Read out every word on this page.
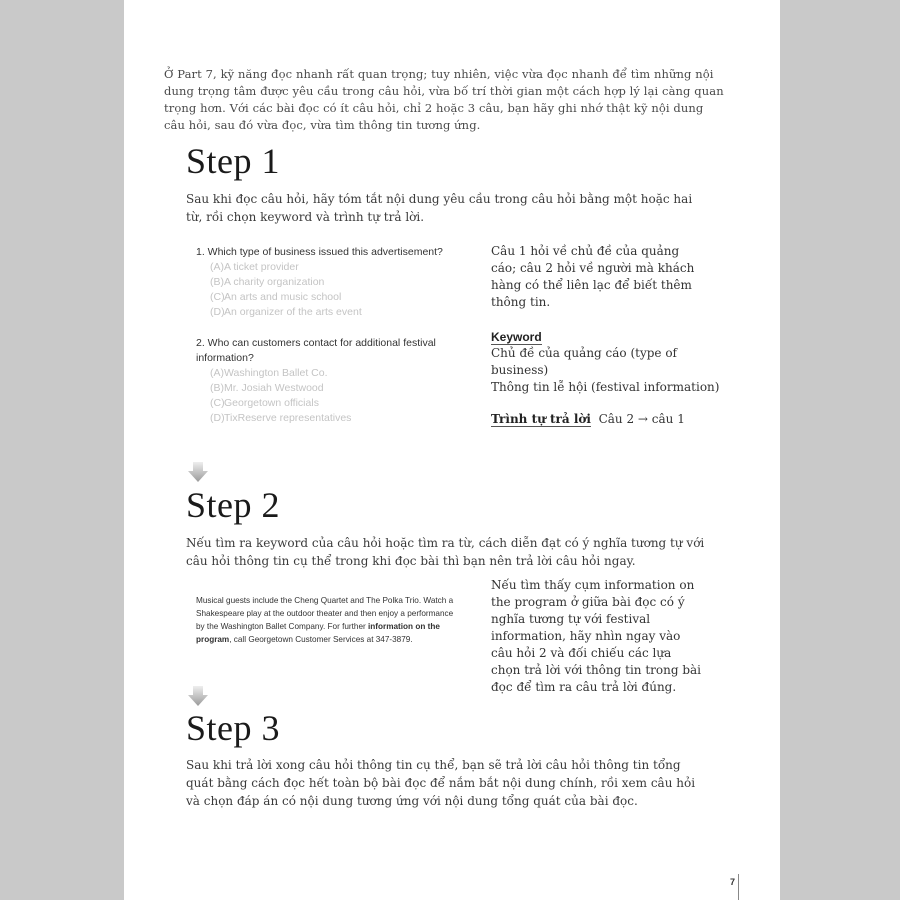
Ở Part 7, kỹ năng đọc nhanh rất quan trọng; tuy nhiên, việc vừa đọc nhanh để tìm những nội dung trọng tâm được yêu cầu trong câu hỏi, vừa bố trí thời gian một cách hợp lý lại càng quan trọng hơn. Với các bài đọc có ít câu hỏi, chỉ 2 hoặc 3 câu, bạn hãy ghi nhớ thật kỹ nội dung câu hỏi, sau đó vừa đọc, vừa tìm thông tin tương ứng.
Step 1
Sau khi đọc câu hỏi, hãy tóm tắt nội dung yêu cầu trong câu hỏi bằng một hoặc hai từ, rồi chọn keyword và trình tự trả lời.
1. Which type of business issued this advertisement?
(A)A ticket provider
(B)A charity organization
(C)An arts and music school
(D)An organizer of the arts event
2. Who can customers contact for additional festival information?
(A)Washington Ballet Co.
(B)Mr. Josiah Westwood
(C)Georgetown officials
(D)TixReserve representatives
Câu 1 hỏi về chủ đề của quảng cáo; câu 2 hỏi về người mà khách hàng có thể liên lạc để biết thêm thông tin.
Keyword
Chủ đề của quảng cáo (type of business)
Thông tin lễ hội (festival information)
Trình tự trả lời Câu 2 → câu 1
Step 2
Nếu tìm ra keyword của câu hỏi hoặc tìm ra từ, cách diễn đạt có ý nghĩa tương tự với câu hỏi thông tin cụ thể trong khi đọc bài thì bạn nên trả lời câu hỏi ngay.
Musical guests include the Cheng Quartet and The Polka Trio. Watch a Shakespeare play at the outdoor theater and then enjoy a performance by the Washington Ballet Company. For further information on the program, call Georgetown Customer Services at 347-3879.
Nếu tìm thấy cụm information on the program ở giữa bài đọc có ý nghĩa tương tự với festival information, hãy nhìn ngay vào câu hỏi 2 và đối chiếu các lựa chọn trả lời với thông tin trong bài đọc để tìm ra câu trả lời đúng.
Step 3
Sau khi trả lời xong câu hỏi thông tin cụ thể, bạn sẽ trả lời câu hỏi thông tin tổng quát bằng cách đọc hết toàn bộ bài đọc để nắm bắt nội dung chính, rồi xem câu hỏi và chọn đáp án có nội dung tương ứng với nội dung tổng quát của bài đọc.
7
